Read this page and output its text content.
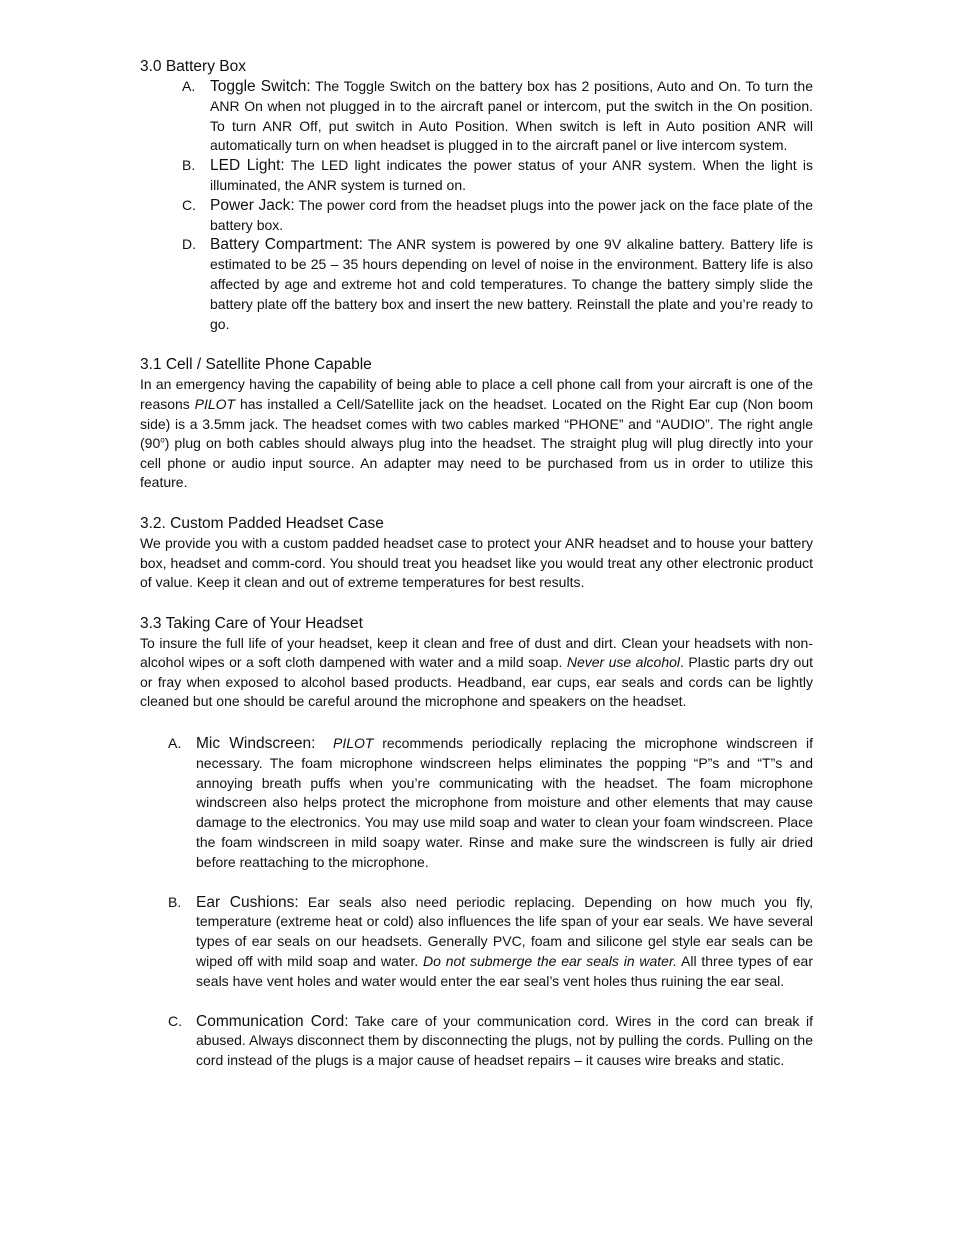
3.0 Battery Box
A. Toggle Switch: The Toggle Switch on the battery box has 2 positions, Auto and On. To turn the ANR On when not plugged in to the aircraft panel or intercom, put the switch in the On position. To turn ANR Off, put switch in Auto Position. When switch is left in Auto position ANR will automatically turn on when headset is plugged in to the aircraft panel or live intercom system.
B. LED Light: The LED light indicates the power status of your ANR system. When the light is illuminated, the ANR system is turned on.
C. Power Jack: The power cord from the headset plugs into the power jack on the face plate of the battery box.
D. Battery Compartment: The ANR system is powered by one 9V alkaline battery. Battery life is estimated to be 25 – 35 hours depending on level of noise in the environment. Battery life is also affected by age and extreme hot and cold temperatures. To change the battery simply slide the battery plate off the battery box and insert the new battery. Reinstall the plate and you’re ready to go.
3.1 Cell / Satellite Phone Capable

In an emergency having the capability of being able to place a cell phone call from your aircraft is one of the reasons PILOT has installed a Cell/Satellite jack on the headset. Located on the Right Ear cup (Non boom side) is a 3.5mm jack. The headset comes with two cables marked “PHONE” and “AUDIO”. The right angle (90$^o$) plug on both cables should always plug into the headset. The straight plug will plug directly into your cell phone or audio input source. An adapter may need to be purchased from us in order to utilize this feature.

3.2. Custom Padded Headset Case

We provide you with a custom padded headset case to protect your ANR headset and to house your battery box, headset and comm-cord. You should treat you headset like you would treat any other electronic product of value. Keep it clean and out of extreme temperatures for best results.

3.3 Taking Care of Your Headset

To insure the full life of your headset, keep it clean and free of dust and dirt. Clean your headsets with non-alcohol wipes or a soft cloth dampened with water and a mild soap. Never use alcohol. Plastic parts dry out or fray when exposed to alcohol based products. Headband, ear cups, ear seals and cords can be lightly cleaned but one should be careful around the microphone and speakers on the headset.

A. Mic Windscreen: PILOT recommends periodically replacing the microphone windscreen if necessary. The foam microphone windscreen helps eliminates the popping “P”s and “T”s and annoying breath puffs when you’re communicating with the headset. The foam microphone windscreen also helps protect the microphone from moisture and other elements that may cause damage to the electronics. You may use mild soap and water to clean your foam windscreen. Place the foam windscreen in mild soapy water. Rinse and make sure the windscreen is fully air dried before reattaching to the microphone.
B. Ear Cushions: Ear seals also need periodic replacing. Depending on how much you fly, temperature (extreme heat or cold) also influences the life span of your ear seals. We have several types of ear seals on our headsets. Generally PVC, foam and silicone gel style ear seals can be wiped off with mild soap and water. Do not submerge the ear seals in water. All three types of ear seals have vent holes and water would enter the ear seal’s vent holes thus ruining the ear seal.
C. Communication Cord: Take care of your communication cord. Wires in the cord can break if abused. Always disconnect them by disconnecting the plugs, not by pulling the cords. Pulling on the cord instead of the plugs is a major cause of headset repairs – it causes wire breaks and static.
